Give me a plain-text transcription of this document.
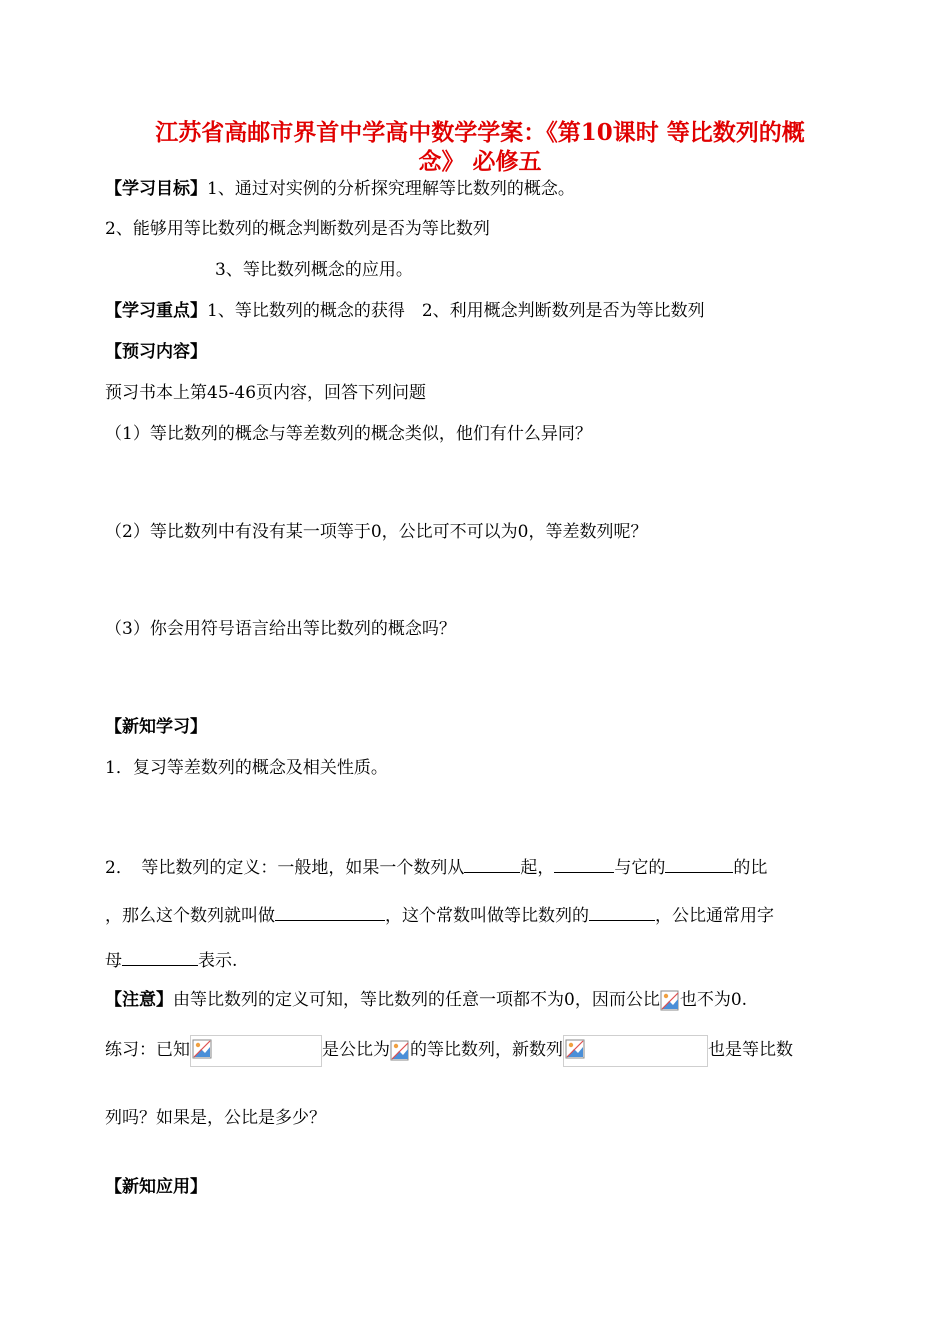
江苏省高邮市界首中学高中数学学案：《第10课时 等比数列的概
念》 必修五
【学习目标】1、通过对实例的分析探究理解等比数列的概念。
2、能够用等比数列的概念判断数列是否为等比数列
3、等比数列概念的应用。
【学习重点】1、等比数列的概念的获得　2、利用概念判断数列是否为等比数列
【预习内容】
预习书本上第45-46页内容，回答下列问题
（1）等比数列的概念与等差数列的概念类似，他们有什么异同？
（2）等比数列中有没有某一项等于0，公比可不可以为0，等差数列呢？
（3）你会用符号语言给出等比数列的概念吗？
【新知学习】
1．复习等差数列的概念及相关性质。
2．　等比数列的定义：一般地，如果一个数列从	起，	与它的	的比
，那么这个数列就叫做	，这个常数叫做等比数列的	，公比通常用字
母	表示.
【注意】由等比数列的定义可知，等比数列的任意一项都不为0，因而公比 也不为0.
练习：已知	是公比为 的等比数列，新数列	也是等比数
列吗？如果是，公比是多少？
【新知应用】
